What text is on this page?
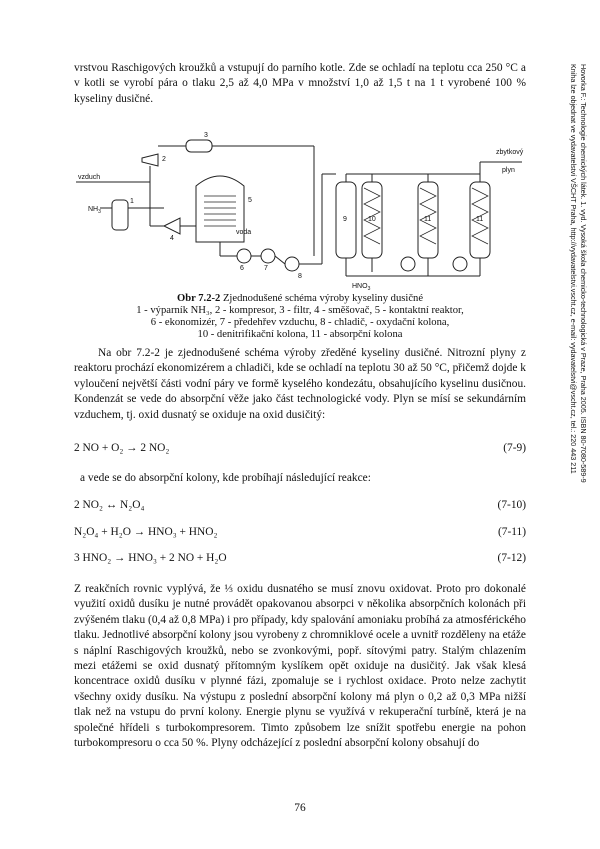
Hovorka F.: Technologie chemických látek. 1. vyd. Vysoká škola chemicko-technologická v Praze, Praha 2005. ISBN 80-7080-589-9
Kniha lze objednat ve vydavatelství VŠCHT Praha, http://vydavatelstvi.vscht.cz, e-mail: vydavatelstvi@vscht.cz, tel.: 220 443 211
vrstvou Raschigových kroužků a vstupují do parního kotle. Zde se ochladí na teplotu cca 250 °C a v kotli se vyrobí pára o tlaku 2,5 až 4,0 MPa v množství 1,0 až 1,5 t na 1 t vyrobené 100 % kyseliny dusičné.
vzduch
$NH_3$
1
2
3
4
5
6	7
8
voda
9	10	11	11
zbytkový
plyn
$HNO_3$
Obr 7.2-2 Zjednodušené schéma výroby kyseliny dusičné
1 - výparník NH₃, 2 - kompresor, 3 - filtr, 4 - směšovač, 5 - kontaktní reaktor,
6 - ekonomizér, 7 - předehřev vzduchu, 8 - chladič, - oxydační kolona,
10 - denitrifikační kolona, 11 - absorpční kolona
Na obr 7.2-2 je zjednodušené schéma výroby zředěné kyseliny dusičné. Nitrozní plyny z reaktoru prochází ekonomizérem a chladiči, kde se ochladí na teplotu 30 až 50 °C, přičemž dojde k vyloučení největší části vodní páry ve formě kyselého kondezátu, obsahujícího kyselinu dusičnou. Kondenzát se vede do absorpční věže jako část technologické vody. Plyn se mísí se sekundárním vzduchem, tj. oxid dusnatý se oxiduje na oxid dusičitý:
2 NO + O₂ → 2 NO₂	(7-9)
a vede se do absorpční kolony, kde probíhají následující reakce:
2 NO₂ ↔ N₂O₄	(7-10)
N₂O₄ + H₂O → HNO₃ + HNO₂	(7-11)
3 HNO₂ → HNO₃ + 2 NO + H₂O	(7-12)
Z reakčních rovnic vyplývá, že ⅓ oxidu dusnatého se musí znovu oxidovat. Proto pro dokonalé využití oxidů dusíku je nutné provádět opakovanou absorpci v několika absorpčních kolonách při zvýšeném tlaku (0,4 až 0,8 MPa) i pro případy, kdy spalování amoniaku probíhá za atmosférického tlaku. Jednotlivé absorpční kolony jsou vyrobeny z chromniklové ocele a uvnitř rozděleny na etáže s náplní Raschigových kroužků, nebo se zvonkovými, popř. sítovými patry. Stalým chlazením mezi etážemi se oxid dusnatý přítomným kyslíkem opět oxiduje na dusičitý. Jak však klesá koncentrace oxidů dusíku v plynné fázi, zpomaluje se i rychlost oxidace. Proto nelze zachytit všechny oxidy dusíku. Na výstupu z poslední absorpční kolony má plyn o 0,2 až 0,3 MPa nižší tlak než na vstupu do první kolony. Energie plynu se využívá v rekuperační turbíně, která je na společné hřídeli s turbokompresorem. Timto způsobem lze snížit spotřebu energie na pohon turbokompresoru o cca 50 %. Plyny odcházející z poslední absorpční kolony obsahují do
76
